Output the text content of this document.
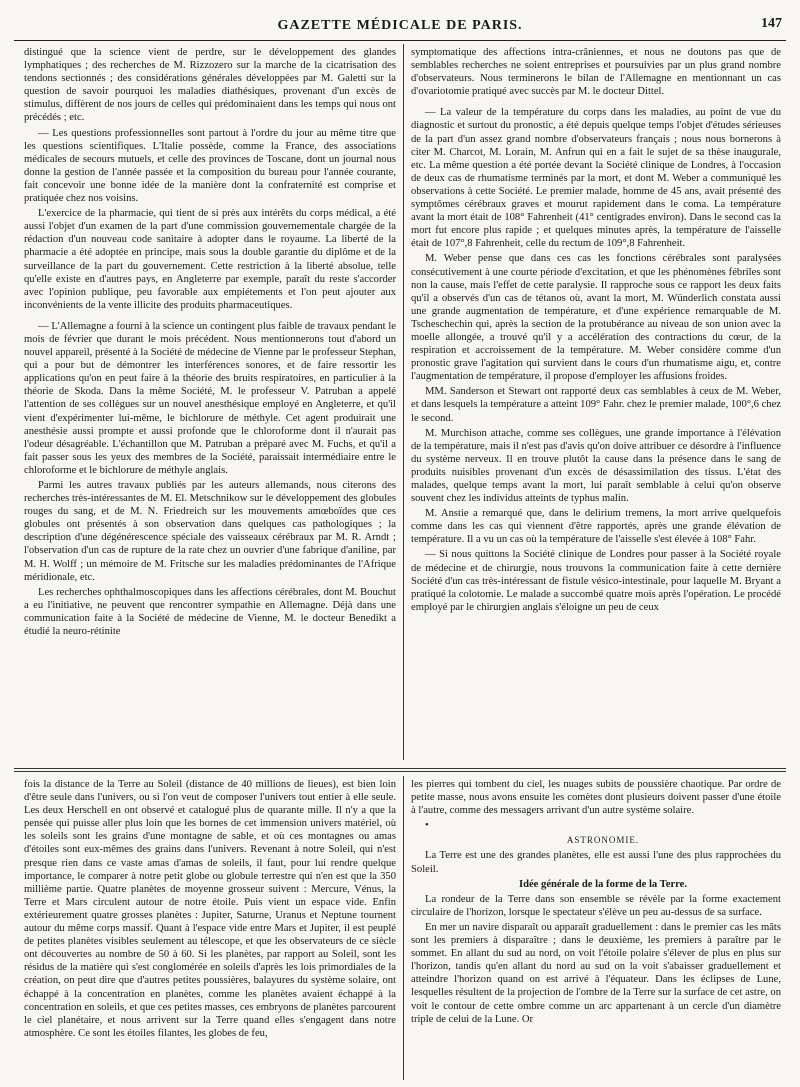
GAZETTE MÉDICALE DE PARIS.	147

distingué que la science vient de perdre, sur le développement des glandes lymphatiques ; des recherches de M. Rizzozero sur la marche de la cicatrisation des tendons sectionnés ; des considérations générales développées par M. Galetti sur la question de savoir pourquoi les maladies diathésiques, provenant d'un excès de stimulus, diffèrent de nos jours de celles qui prédominaient dans les temps qui nous ont précédés ; etc.

— Les questions professionnelles sont partout à l'ordre du jour au même titre que les questions scientifiques. L'Italie possède, comme la France, des associations médicales de secours mutuels, et celle des provinces de Toscane, dont un journal nous donne la gestion de l'année passée et la composition du bureau pour l'année courante, fait concevoir une bonne idée de la manière dont la confraternité est comprise et pratiquée chez nos voisins.

L'exercice de la pharmacie, qui tient de si près aux intérêts du corps médical, a été aussi l'objet d'un examen de la part d'une commission gouvernementale chargée de la rédaction d'un nouveau code sanitaire à adopter dans le royaume. La liberté de la pharmacie a été adoptée en principe, mais sous la double garantie du diplôme et de la surveillance de la part du gouvernement. Cette restriction à la liberté absolue, telle qu'elle existe en d'autres pays, en Angleterre par exemple, paraît du reste s'accorder avec l'opinion publique, peu favorable aux empiétements et l'on peut ajouter aux inconvénients de la vente illicite des produits pharmaceutiques.

— L'Allemagne a fourni à la science un contingent plus faible de travaux pendant le mois de février que durant le mois précédent. Nous mentionnerons tout d'abord un nouvel appareil, présenté à la Société de médecine de Vienne par le professeur Stephan, qui a pour but de démontrer les interférences sonores, et de faire ressortir les applications qu'on en peut faire à la théorie des bruits respiratoires, en particulier à la théorie de Skoda. Dans la même Société, M. le professeur V. Patruban a appelé l'attention de ses collègues sur un nouvel anesthésique employé en Angleterre, et qu'il vient d'expérimenter lui-même, le bichlorure de méthyle. Cet agent produirait une anesthésie aussi prompte et aussi profonde que le chloroforme dont il n'aurait pas l'odeur désagréable. L'échantillon que M. Patruban a préparé avec M. Fuchs, et qu'il a fait passer sous les yeux des membres de la Société, paraissait intermédiaire entre le chloroforme et le bichlorure de méthyle anglais.

Parmi les autres travaux publiés par les auteurs allemands, nous citerons des recherches très-intéressantes de M. El. Metschnikow sur le développement des globules rouges du sang, et de M. N. Friedreich sur les mouvements amœboïdes que ces globules ont présentés à son observation dans quelques cas pathologiques ; la description d'une dégénérescence spéciale des vaisseaux cérébraux par M. R. Arndt ; l'observation d'un cas de rupture de la rate chez un ouvrier d'une fabrique d'aniline, par M. H. Wolff ; un mémoire de M. Fritsche sur les maladies prédominantes de l'Afrique méridionale, etc.

Les recherches ophthalmoscopiques dans les affections cérébrales, dont M. Bouchut a eu l'initiative, ne peuvent que rencontrer sympathie en Allemagne. Déjà dans une communication faite à la Société de médecine de Vienne, M. le docteur Benedikt a étudié la neuro-rétinite

symptomatique des affections intra-crâniennes, et nous ne doutons pas que de semblables recherches ne soient entreprises et poursuivies par un plus grand nombre d'observateurs. Nous terminerons le bilan de l'Allemagne en mentionnant un cas d'ovariotomie pratiqué avec succès par M. le docteur Dittel.

— La valeur de la température du corps dans les maladies, au point de vue du diagnostic et surtout du pronostic, a été depuis quelque temps l'objet d'études sérieuses de la part d'un assez grand nombre d'observateurs français ; nous nous bornerons à citer M. Charcot, M. Lorain, M. Anfrun qui en a fait le sujet de sa thèse inaugurale, etc. La même question a été portée devant la Société clinique de Londres, à l'occasion de deux cas de rhumatisme terminés par la mort, et dont M. Weber a communiqué les observations à cette Société. Le premier malade, homme de 45 ans, avait présenté des symptômes cérébraux graves et mourut rapidement dans le coma. La température avant la mort était de 108° Fahrenheit (41° centigrades environ). Dans le second cas la mort fut encore plus rapide ; et quelques minutes après, la température de l'aisselle était de 107°,8 Fahrenheit, celle du rectum de 109°,8 Fahrenheit.

M. Weber pense que dans ces cas les fonctions cérébrales sont paralysées consécutivement à une courte période d'excitation, et que les phénomènes fébriles sont non la cause, mais l'effet de cette paralysie. Il rapproche sous ce rapport les deux faits qu'il a observés d'un cas de tétanos où, avant la mort, M. Wünderlich constata aussi une grande augmentation de température, et d'une expérience remarquable de M. Tscheschechin qui, après la section de la protubérance au niveau de son union avec la moelle allongée, a trouvé qu'il y a accélération des contractions du cœur, de la respiration et accroissement de la température. M. Weber considère comme d'un pronostic grave l'agitation qui survient dans le cours d'un rhumatisme aigu, et, contre l'augmentation de température, il propose d'employer les affusions froides.

MM. Sanderson et Stewart ont rapporté deux cas semblables à ceux de M. Weber, et dans lesquels la température a atteint 109° Fahr. chez le premier malade, 100°,6 chez le second.

M. Murchison attache, comme ses collègues, une grande importance à l'élévation de la température, mais il n'est pas d'avis qu'on doive attribuer ce désordre à l'influence du système nerveux. Il en trouve plutôt la cause dans la présence dans le sang de produits nuisibles provenant d'un excès de désassimilation des tissus. L'état des malades, quelque temps avant la mort, lui paraît semblable à celui qu'on observe souvent chez les individus atteints de typhus malin.

M. Anstie a remarqué que, dans le delirium tremens, la mort arrive quelquefois comme dans les cas qui viennent d'être rapportés, après une grande élévation de température. Il a vu un cas où la température de l'aisselle s'est élevée à 108° Fahr.

— Si nous quittons la Société clinique de Londres pour passer à la Société royale de médecine et de chirurgie, nous trouvons la communication faite à cette dernière Société d'un cas très-intéressant de fistule vésico-intestinale, pour laquelle M. Bryant a pratiqué la colotomie. Le malade a succombé quatre mois après l'opération. Le procédé employé par le chirurgien anglais s'éloigne un peu de ceux

fois la distance de la Terre au Soleil (distance de 40 millions de lieues), est bien loin d'être seule dans l'univers, ou si l'on veut de composer l'univers tout entier à elle seule. Les deux Herschell en ont observé et catalogué plus de quarante mille. Il n'y a que la pensée qui puisse aller plus loin que les bornes de cet immension univers matériel, où les soleils sont les grains d'une montagne de sable, et où ces montagnes ou amas d'étoiles sont eux-mêmes des grains dans l'univers. Revenant à notre Soleil, qui n'est presque rien dans ce vaste amas d'amas de soleils, il faut, pour lui rendre quelque importance, le comparer à notre petit globe ou globule terrestre qui n'en est que la 350 millième partie. Quatre planètes de moyenne grosseur suivent : Mercure, Vénus, la Terre et Mars circulent autour de notre étoile. Puis vient un espace vide. Enfin extérieurement quatre grosses planètes : Jupiter, Saturne, Uranus et Neptune tournent autour du même corps massif. Quant à l'espace vide entre Mars et Jupiter, il est peuplé de petites planètes visibles seulement au télescope, et que les observateurs de ce siècle ont découvertes au nombre de 50 à 60. Si les planètes, par rapport au Soleil, sont les résidus de la matière qui s'est conglomérée en soleils d'après les lois primordiales de la création, on peut dire que d'autres petites poussières, balayures du système solaire, ont échappé à la concentration en planètes, comme les planètes avaient échappé à la concentration en soleils, et que ces petites masses, ces embryons de planètes parcourent le ciel planétaire, et nous arrivent sur la Terre quand elles s'engagent dans notre atmosphère. Ce sont les étoiles filantes, les globes de feu,

les pierres qui tombent du ciel, les nuages subits de poussière chaotique. Par ordre de petite masse, nous avons ensuite les comètes dont plusieurs doivent passer d'une étoile à l'autre, comme des messagers arrivant d'un autre système solaire.

•

ASTRONOMIE.

La Terre est une des grandes planètes, elle est aussi l'une des plus rapprochées du Soleil.

Idée générale de la forme de la Terre.

La rondeur de la Terre dans son ensemble se révèle par la forme exactement circulaire de l'horizon, lorsque le spectateur s'élève un peu au-dessus de sa surface.

En mer un navire disparaît ou apparaît graduellement : dans le premier cas les mâts sont les premiers à disparaître ; dans le deuxième, les premiers à paraître par le sommet. En allant du sud au nord, on voit l'étoile polaire s'élever de plus en plus sur l'horizon, tandis qu'en allant du nord au sud on la voit s'abaisser graduellement et atteindre l'horizon quand on est arrivé à l'équateur. Dans les éclipses de Lune, lesquelles résultent de la projection de l'ombre de la Terre sur la surface de cet astre, on voit le contour de cette ombre comme un arc appartenant à un cercle d'un diamètre triple de celui de la Lune. Or
